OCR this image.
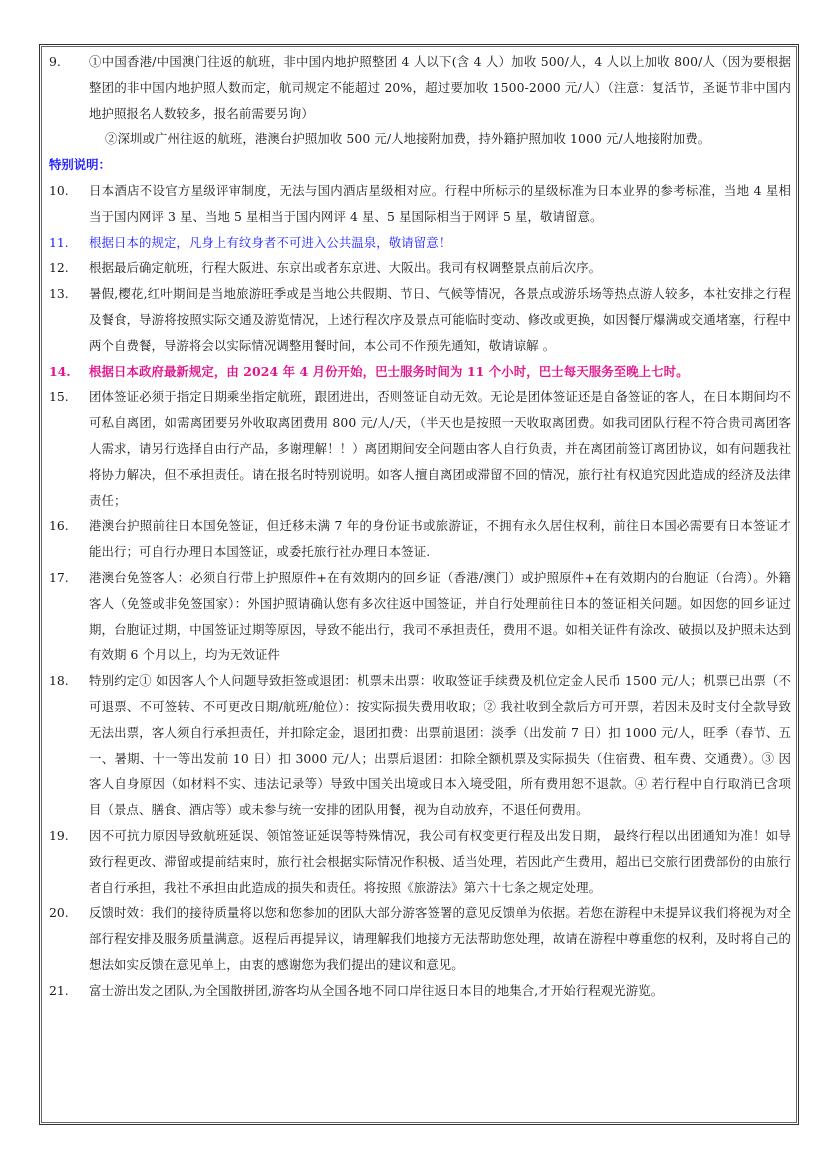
9.	①中国香港/中国澳门往返的航班，非中国内地护照整团 4 人以下(含 4 人）加收 500/人，4 人以上加收 800/人（因为要根据整团的非中国内地护照人数而定，航司规定不能超过 20%，超过要加收 1500-2000 元/人）（注意：复活节，圣诞节非中国内地护照报名人数较多，报名前需要另询）
②深圳或广州往返的航班，港澳台护照加收 500 元/人地接附加费，持外籍护照加收 1000 元/人地接附加费。
特别说明：
10.	日本酒店不设官方星级评审制度，无法与国内酒店星级相对应。行程中所标示的星级标准为日本业界的参考标准，当地 4 星相当于国内网评 3 星、当地 5 星相当于国内网评 4 星、5 星国际相当于网评 5 星，敬请留意。
11.	根据日本的规定，凡身上有纹身者不可进入公共温泉，敬请留意！
12.	根据最后确定航班，行程大阪进、东京出或者东京进、大阪出。我司有权调整景点前后次序。
13.	暑假,樱花,红叶期间是当地旅游旺季或是当地公共假期、节日、气候等情况，各景点或游乐场等热点游人较多，本社安排之行程及餐食，导游将按照实际交通及游览情况，上述行程次序及景点可能临时变动、修改或更换，如因餐厅爆满或交通堵塞，行程中两个自费餐，导游将会以实际情况调整用餐时间，本公司不作预先通知，敬请谅解 。
14.	根据日本政府最新规定，由 2024 年 4 月份开始，巴士服务时间为 11 个小时，巴士每天服务至晚上七时。
15.	团体签证必须于指定日期乘坐指定航班，跟团进出，否则签证自动无效。无论是团体签证还是自备签证的客人，在日本期间均不可私自离团，如需离团要另外收取离团费用 800 元/人/天，（半天也是按照一天收取离团费。如我司团队行程不符合贵司离团客人需求，请另行选择自由行产品，多谢理解！！）离团期间安全问题由客人自行负责，并在离团前签订离团协议，如有问题我社将协力解决，但不承担责任。请在报名时特别说明。如客人擅自离团或滞留不回的情况，旅行社有权追究因此造成的经济及法律责任；
16.	港澳台护照前往日本国免签证，但迁移未满 7 年的身份证书或旅游证，不拥有永久居住权利，前往日本国必需要有日本签证才能出行；可自行办理日本国签证，或委托旅行社办理日本签证.
17.	港澳台免签客人：必须自行带上护照原件+在有效期内的回乡证（香港/澳门）或护照原件+在有效期内的台胞证（台湾）。外籍客人（免签或非免签国家）：外国护照请确认您有多次往返中国签证，并自行处理前往日本的签证相关问题。如因您的回乡证过期，台胞证过期，中国签证过期等原因，导致不能出行，我司不承担责任，费用不退。如相关证件有涂改、破损以及护照未达到有效期 6 个月以上，均为无效证件
18.	特别约定① 如因客人个人问题导致拒签或退团：机票未出票：收取签证手续费及机位定金人民币 1500 元/人；机票已出票（不可退票、不可签转、不可更改日期/航班/舱位）：按实际损失费用收取；② 我社收到全款后方可开票，若因未及时支付全款导致无法出票，客人须自行承担责任，并扣除定金，退团扣费：出票前退团：淡季（出发前 7 日）扣 1000 元/人，旺季（春节、五一、暑期、十一等出发前 10 日）扣 3000 元/人；出票后退团：扣除全额机票及实际损失（住宿费、租车费、交通费）。③ 因客人自身原因（如材料不实、违法记录等）导致中国关出境或日本入境受阻，所有费用恕不退款。④ 若行程中自行取消已含项目（景点、膳食、酒店等）或未参与统一安排的团队用餐，视为自动放弃，不退任何费用。
19.	因不可抗力原因导致航班延误、领馆签证延误等特殊情况，我公司有权变更行程及出发日期， 最终行程以出团通知为准！如导致行程更改、滞留或提前结束时，旅行社会根据实际情况作积极、适当处理，若因此产生费用，超出已交旅行团费部份的由旅行者自行承担，我社不承担由此造成的损失和责任。将按照《旅游法》第六十七条之规定处理。
20.	反馈时效：我们的接待质量将以您和您参加的团队大部分游客签署的意见反馈单为依据。若您在游程中未提异议我们将视为对全部行程安排及服务质量满意。返程后再提异议，请理解我们地接方无法帮助您处理，故请在游程中尊重您的权利，及时将自己的想法如实反馈在意见单上，由衷的感谢您为我们提出的建议和意见。
21.	富士游出发之团队,为全国散拼团,游客均从全国各地不同口岸往返日本目的地集合,才开始行程观光游览。
